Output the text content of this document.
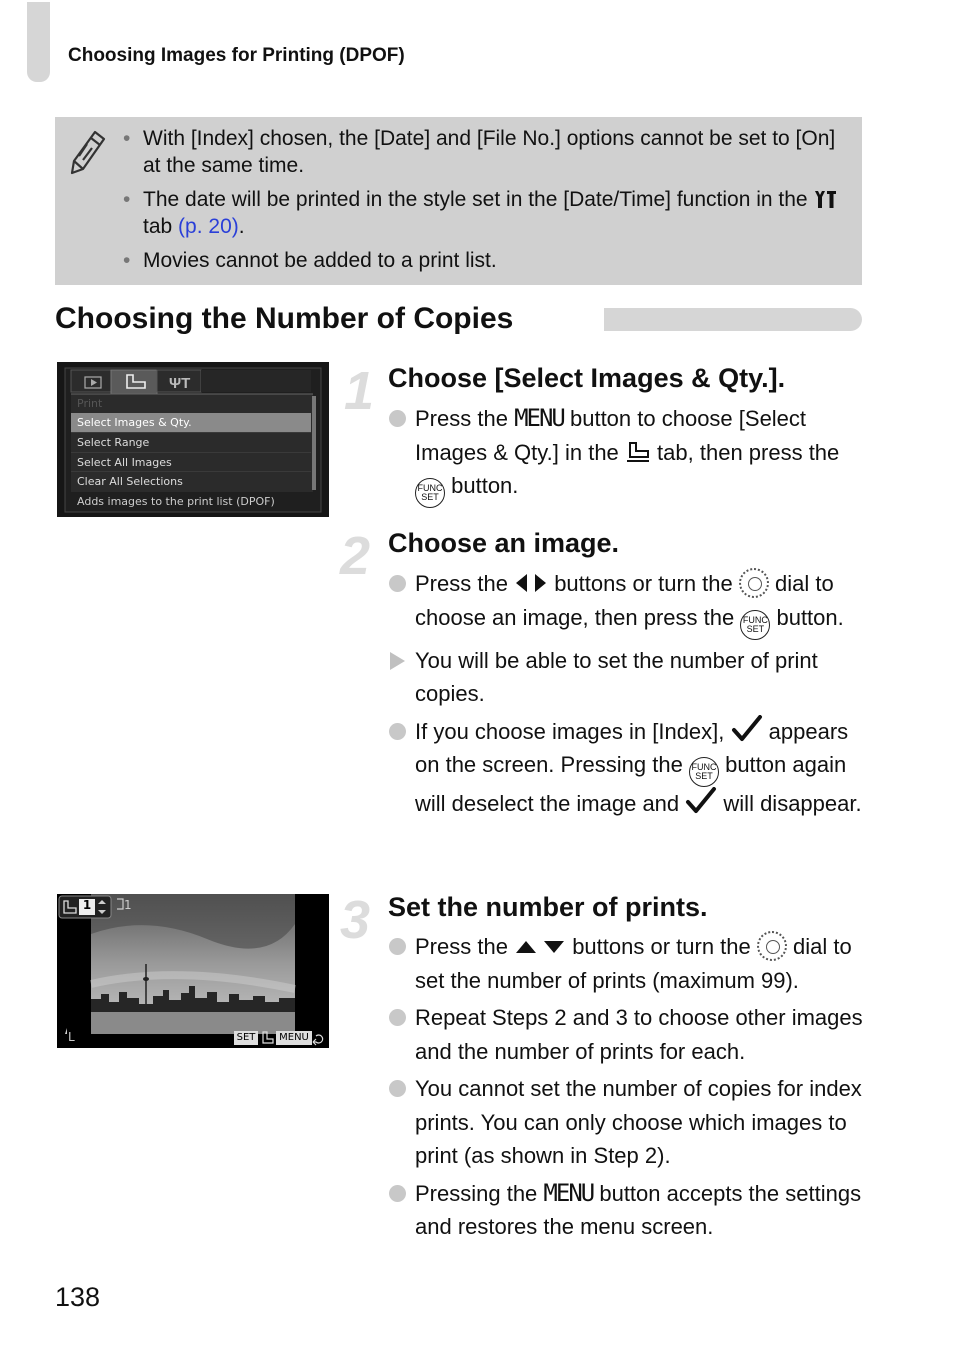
Choosing Images for Printing (DPOF)
• With [Index] chosen, the [Date] and [File No.] options cannot be set to [On] at the same time.
• The date will be printed in the style set in the [Date/Time] function in the  tab (p. 20).
• Movies cannot be added to a print list.
Choosing the Number of Copies
ΨT
Print
Select Images & Qty.
Select Range
Select All Images
Clear All Selections
Adds images to the print list (DPOF)
1 Choose [Select Images & Qty.].
Press the MENU button to choose [Select Images & Qty.] in the tab, then press the FUNC
SET button.
2 Choose an image.
Press the buttons or turn the dial to choose an image, then press the FUNC
SET button.
You will be able to set the number of print copies.
If you choose images in [Index], appears on the screen. Pressing the FUNC
SET button again will deselect the image and will disappear.
1	1
L	SET	MENU
3 Set the number of prints.
Press the	buttons or turn the dial to set the number of prints (maximum 99).
Repeat Steps 2 and 3 to choose other images and the number of prints for each.
You cannot set the number of copies for index prints. You can only choose which images to print (as shown in Step 2).
Pressing the MENU button accepts the settings and restores the menu screen.
138
